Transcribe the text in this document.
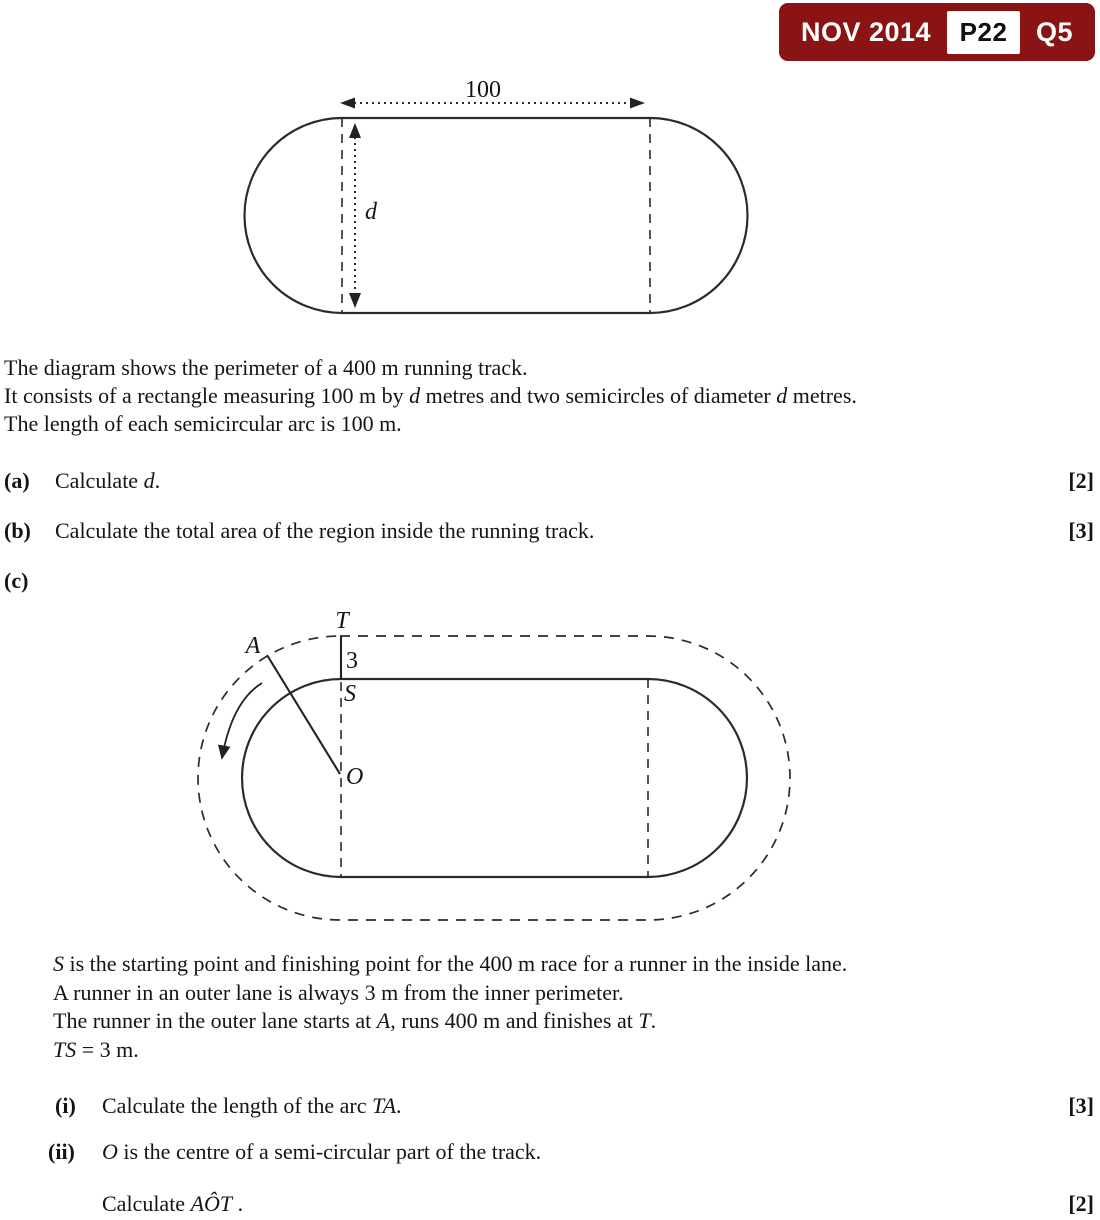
NOV 2014	P22	Q5
100
d
The diagram shows the perimeter of a 400 m running track.
It consists of a rectangle measuring 100 m by d metres and two semicircles of diameter d metres.
The length of each semicircular arc is 100 m.
(a) Calculate d.	[2]
(b) Calculate the total area of the region inside the running track.	[3]
(c)
T
A
3
S
O
S is the starting point and finishing point for the 400 m race for a runner in the inside lane.
A runner in an outer lane is always 3 m from the inner perimeter.
The runner in the outer lane starts at A, runs 400 m and finishes at T.
TS = 3 m.
(i) Calculate the length of the arc TA.	[3]
(ii) O is the centre of a semi-circular part of the track.
Calculate AÔT .	[2]
